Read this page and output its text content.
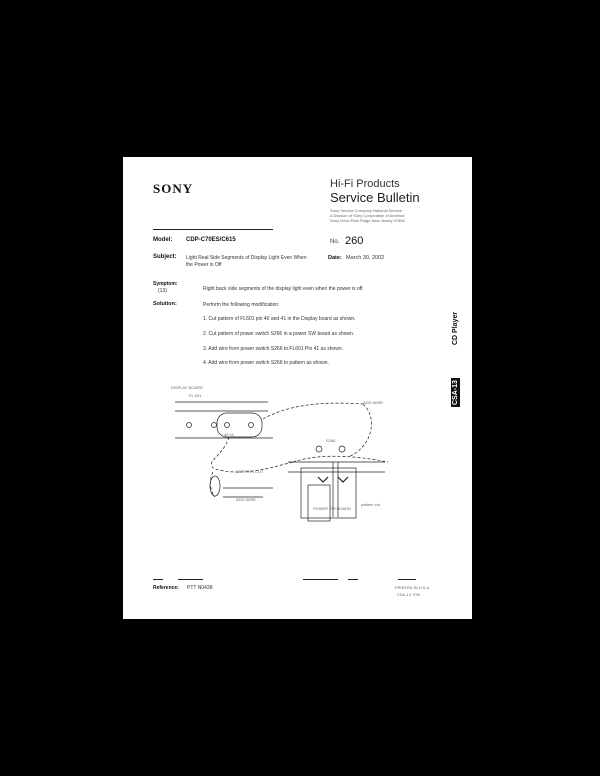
SONY	Hi-Fi Products
Service Bulletin
Sony Service Company National Service
A Division of Sony Corporation of America
Sony Drive Park Ridge New Jersey 07656
Model: CDP-C70ES/C615	No. 260
Subject: Light Real Side Segments of Display Light Even When
the Power is Off
Date: March 30, 2002
Symptom:
(13)	Right back side segments of the display light even when the power is off.
Solution:	Perform the following modification:
1. Cut pattern of FL601 pin 40 and 41 in the Display board as shown.
2. Cut pattern of power switch S266 in a power SW board as shown.
3. Add wire from power switch S266 to FL601 Pin 41 as shown.
4. Add wire from power switch S266 to pattern as shown.
CSA-13
CD Player
DISPLAY BOARD
FL 601
40 41
ADD WIRE
S266
PATTERN CUT
ADD WIRE
POWER SW BOARD
pattern cut
Reference: PTT N0438	PRINTED IN U.S.A.
CSA-13 7/99
